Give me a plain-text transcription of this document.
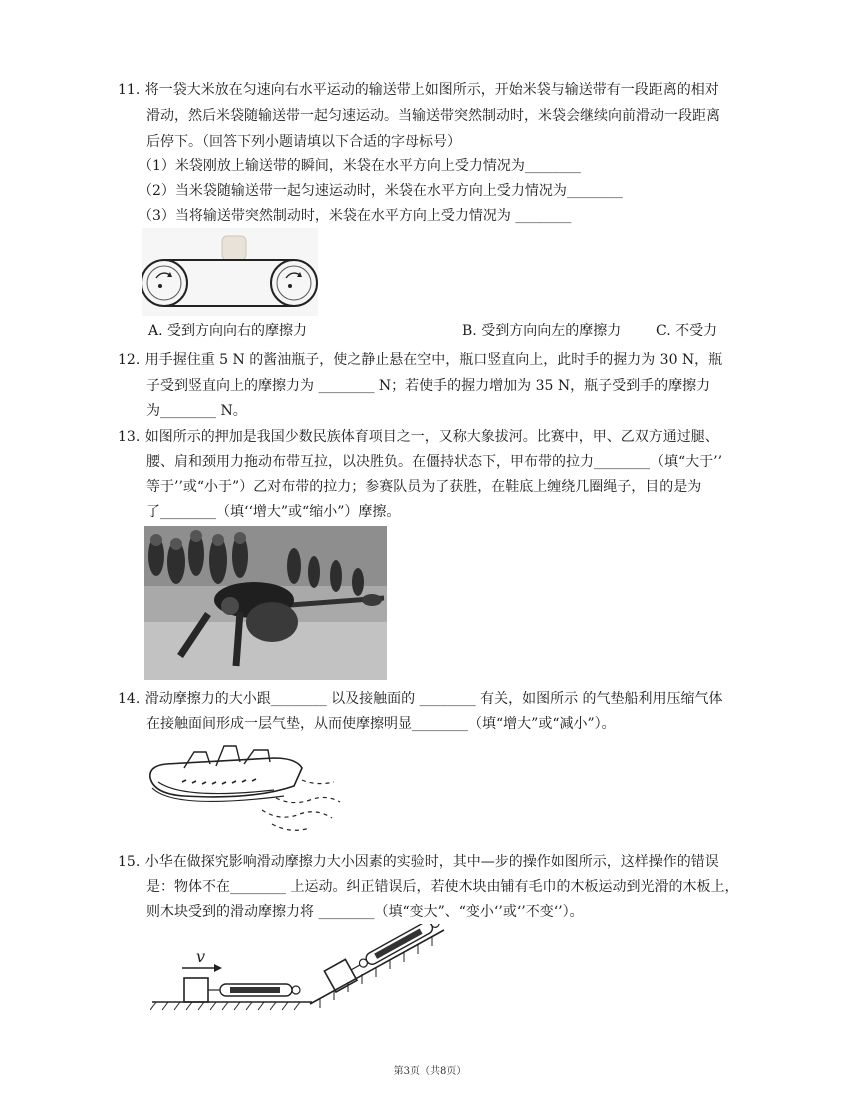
11. 将一袋大米放在匀速向右水平运动的输送带上如图所示，开始米袋与输送带有一段距离的相对
滑动，然后米袋随输送带一起匀速运动。当输送带突然制动时，米袋会继续向前滑动一段距离
后停下。（回答下列小题请填以下合适的字母标号）
（1）米袋刚放上输送带的瞬间，米袋在水平方向上受力情况为________
（2）当米袋随输送带一起匀速运动时，米袋在水平方向上受力情况为________
（3）当将输送带突然制动时，米袋在水平方向上受力情况为 ________
A. 受到方向向右的摩擦力	B. 受到方向向左的摩擦力 C. 不受力
12. 用手握住重 5 N 的酱油瓶子，使之静止悬在空中，瓶口竖直向上，此时手的握力为 30 N，瓶
子受到竖直向上的摩擦力为 ________ N；若使手的握力增加为 35 N，瓶子受到手的摩擦力
为________ N。
13. 如图所示的押加是我国少数民族体育项目之一，又称大象拔河。比赛中，甲、乙双方通过腿、
腰、肩和颈用力拖动布带互拉，以决胜负。在僵持状态下，甲布带的拉力________（填“大于’’
等于’’或“小于”）乙对布带的拉力；参赛队员为了获胜，在鞋底上缠绕几圈绳子，目的是为
了________（填‘‘增大”或“缩小”）摩擦。
14. 滑动摩擦力的大小跟________ 以及接触面的 ________ 有关，如图所示 的气垫船利用压缩气体
在接触面间形成一层气垫，从而使摩擦明显________（填“增大”或“减小”）。
15. 小华在做探究影响滑动摩擦力大小因素的实验时，其中—步的操作如图所示，这样操作的错误
是：物体不在________ 上运动。纠正错误后，若使木块由铺有毛巾的木板运动到光滑的木板上，
则木块受到的滑动摩擦力将 ________（填“变大”、“变小‘’或‘’不变‘’）。
v
第3页（共8页）
